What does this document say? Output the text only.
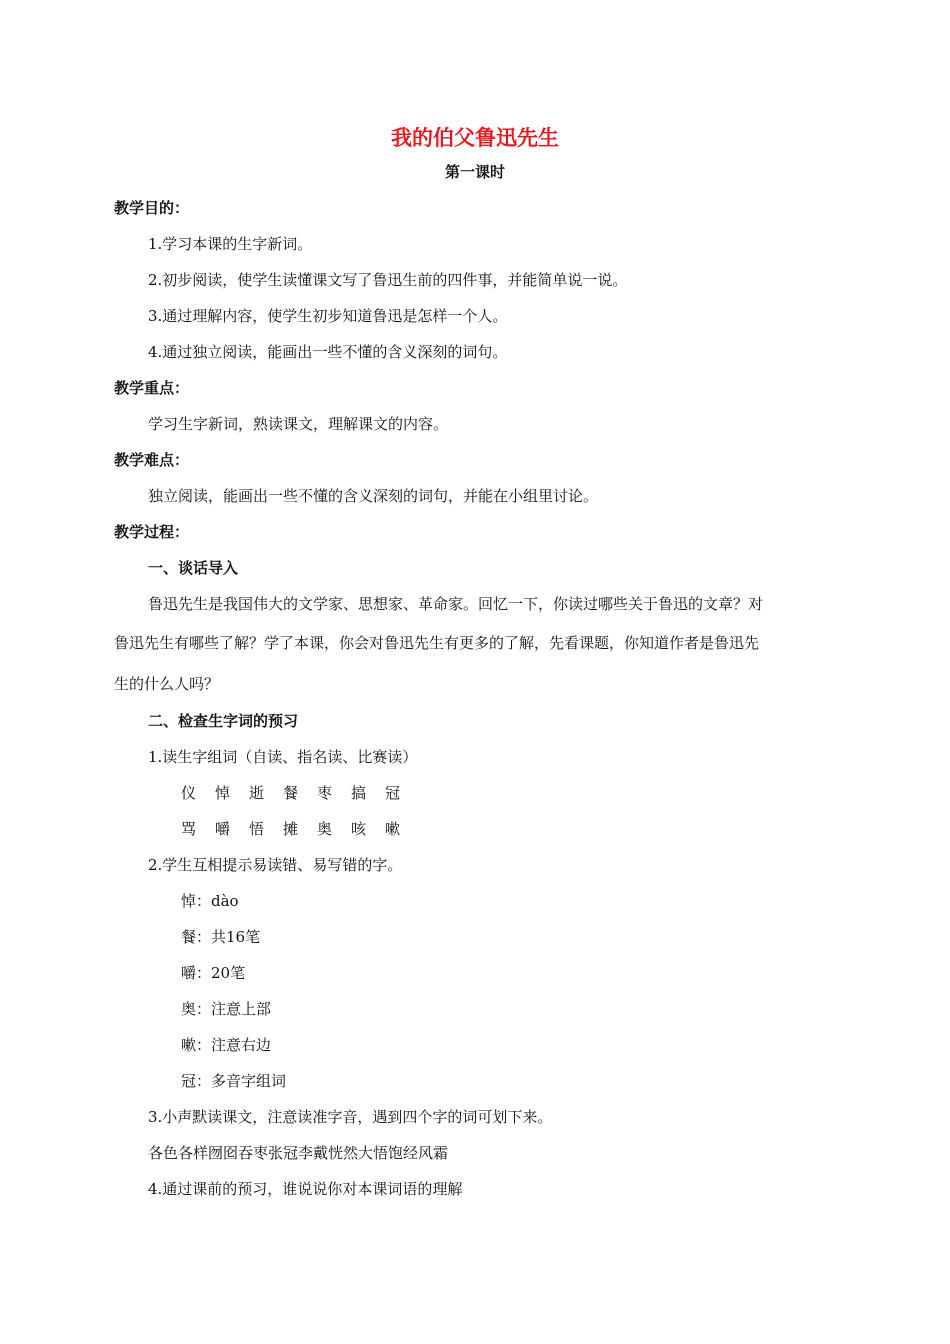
我的伯父鲁迅先生
第一课时
教学目的：
1.学习本课的生字新词。
2.初步阅读，使学生读懂课文写了鲁迅生前的四件事，并能简单说一说。
3.通过理解内容，使学生初步知道鲁迅是怎样一个人。
4.通过独立阅读，能画出一些不懂的含义深刻的词句。
教学重点：
学习生字新词，熟读课文，理解课文的内容。
教学难点：
独立阅读，能画出一些不懂的含义深刻的词句，并能在小组里讨论。
教学过程：
一、谈话导入
鲁迅先生是我国伟大的文学家、思想家、革命家。回忆一下，你读过哪些关于鲁迅的文章？对
鲁迅先生有哪些了解？学了本课，你会对鲁迅先生有更多的了解，先看课题，你知道作者是鲁迅先
生的什么人吗？
二、检查生字词的预习
1.读生字组词（自读、指名读、比赛读）
仪 悼 逝 餐 枣 搞 冠
骂 嚼 悟 摊 奥 咳 嗽
2.学生互相提示易读错、易写错的字。
悼：dào
餐：共16笔
嚼：20笔
奥：注意上部
嗽：注意右边
冠：多音字组词
3.小声默读课文，注意读准字音，遇到四个字的词可划下来。
各色各样囫囵吞枣张冠李戴恍然大悟饱经风霜
4.通过课前的预习，谁说说你对本课词语的理解
